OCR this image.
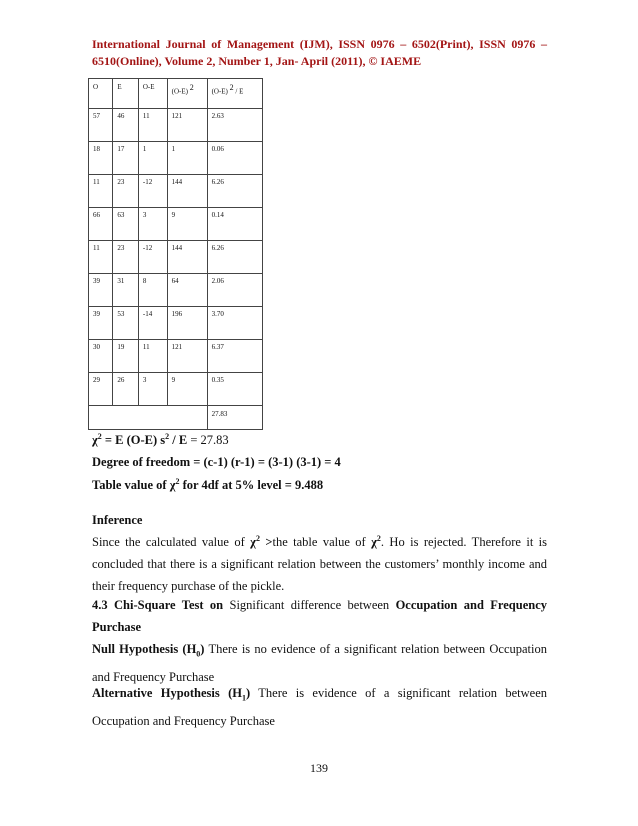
International Journal of Management (IJM), ISSN 0976 – 6502(Print), ISSN 0976 –
6510(Online), Volume 2, Number 1, Jan- April (2011), © IAEME
O	E	O-E	(O-E) $^2$	(O-E) $^2$ / E
57	46	11	121	2.63
18	17	1	1	0.06
11	23	-12	144	6.26
66	63	3	9	0.14
11	23	-12	144	6.26
39	31	8	64	2.06
39	53	-14	196	3.70
30	19	11	121	6.37
29	26	3	9	0.35
				27.83
$\chi^2 = E$ (O-E) $s^2 / E = 27.83$
Degree of freedom = (c-1) (r-1) = (3-1) (3-1) = 4
Table value of $\chi^2$ for 4df at 5% level = 9.488
Inference
Since the calculated value of $\chi^2 >the$ table value of $\chi^2$. Ho is rejected. Therefore it is
concluded that there is a significant relation between the customers’ monthly income and
their frequency purchase of the pickle.
4.3 Chi-Square Test on Significant difference between Occupation and Frequency
Purchase
Null Hypothesis $(H_0)$ There is no evidence of a significant relation between Occupation
and Frequency Purchase
Alternative Hypothesis $(H_1)$ There is evidence of a significant relation between
Occupation and Frequency Purchase
139
